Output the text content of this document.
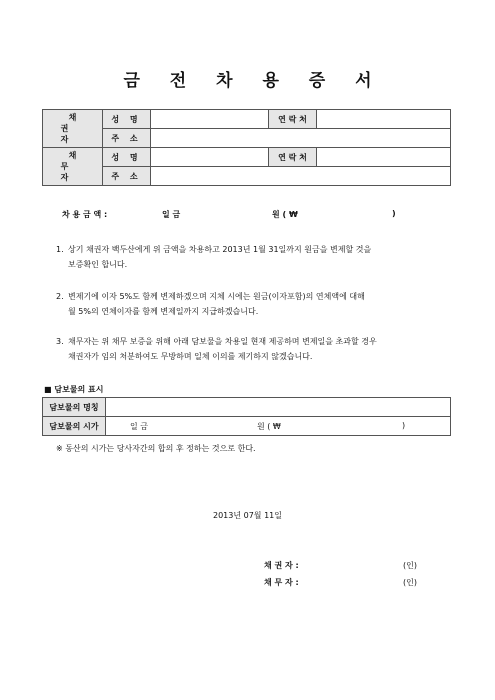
금 전 차 용 증 서
채 권 자	성 명		연 락 처	
	주 소			
채 무 자	성 명		연 락 처	
	주 소			
차 용 금 액 :	일 금	원 ( ₩	)
1. 상기 채권자 백두산에게 위 금액을 차용하고 2013년 1월 31일까지 원금을 변제할 것을
보증확인 합니다.
2. 변제기에 이자 5%도 함께 변제하겠으며 지체 시에는 원금(이자포함)의 연체액에 대해
월 5%의 연체이자를 함께 변제일까지 지급하겠습니다.
3. 채무자는 위 채무 보증을 위해 아래 담보물을 차용일 현재 제공하며 변제일을 초과할 경우
채권자가 임의 처분하여도 무방하며 일체 이의를 제기하지 않겠습니다.
■ 담보물의 표시
담보물의 명칭	
담보물의 시가	일 금 원 ( ₩ )
※ 동산의 시가는 당사자간의 합의 후 정하는 것으로 한다.
2013년 07월 11일
채 권 자 :	(인)
채 무 자 :	(인)
